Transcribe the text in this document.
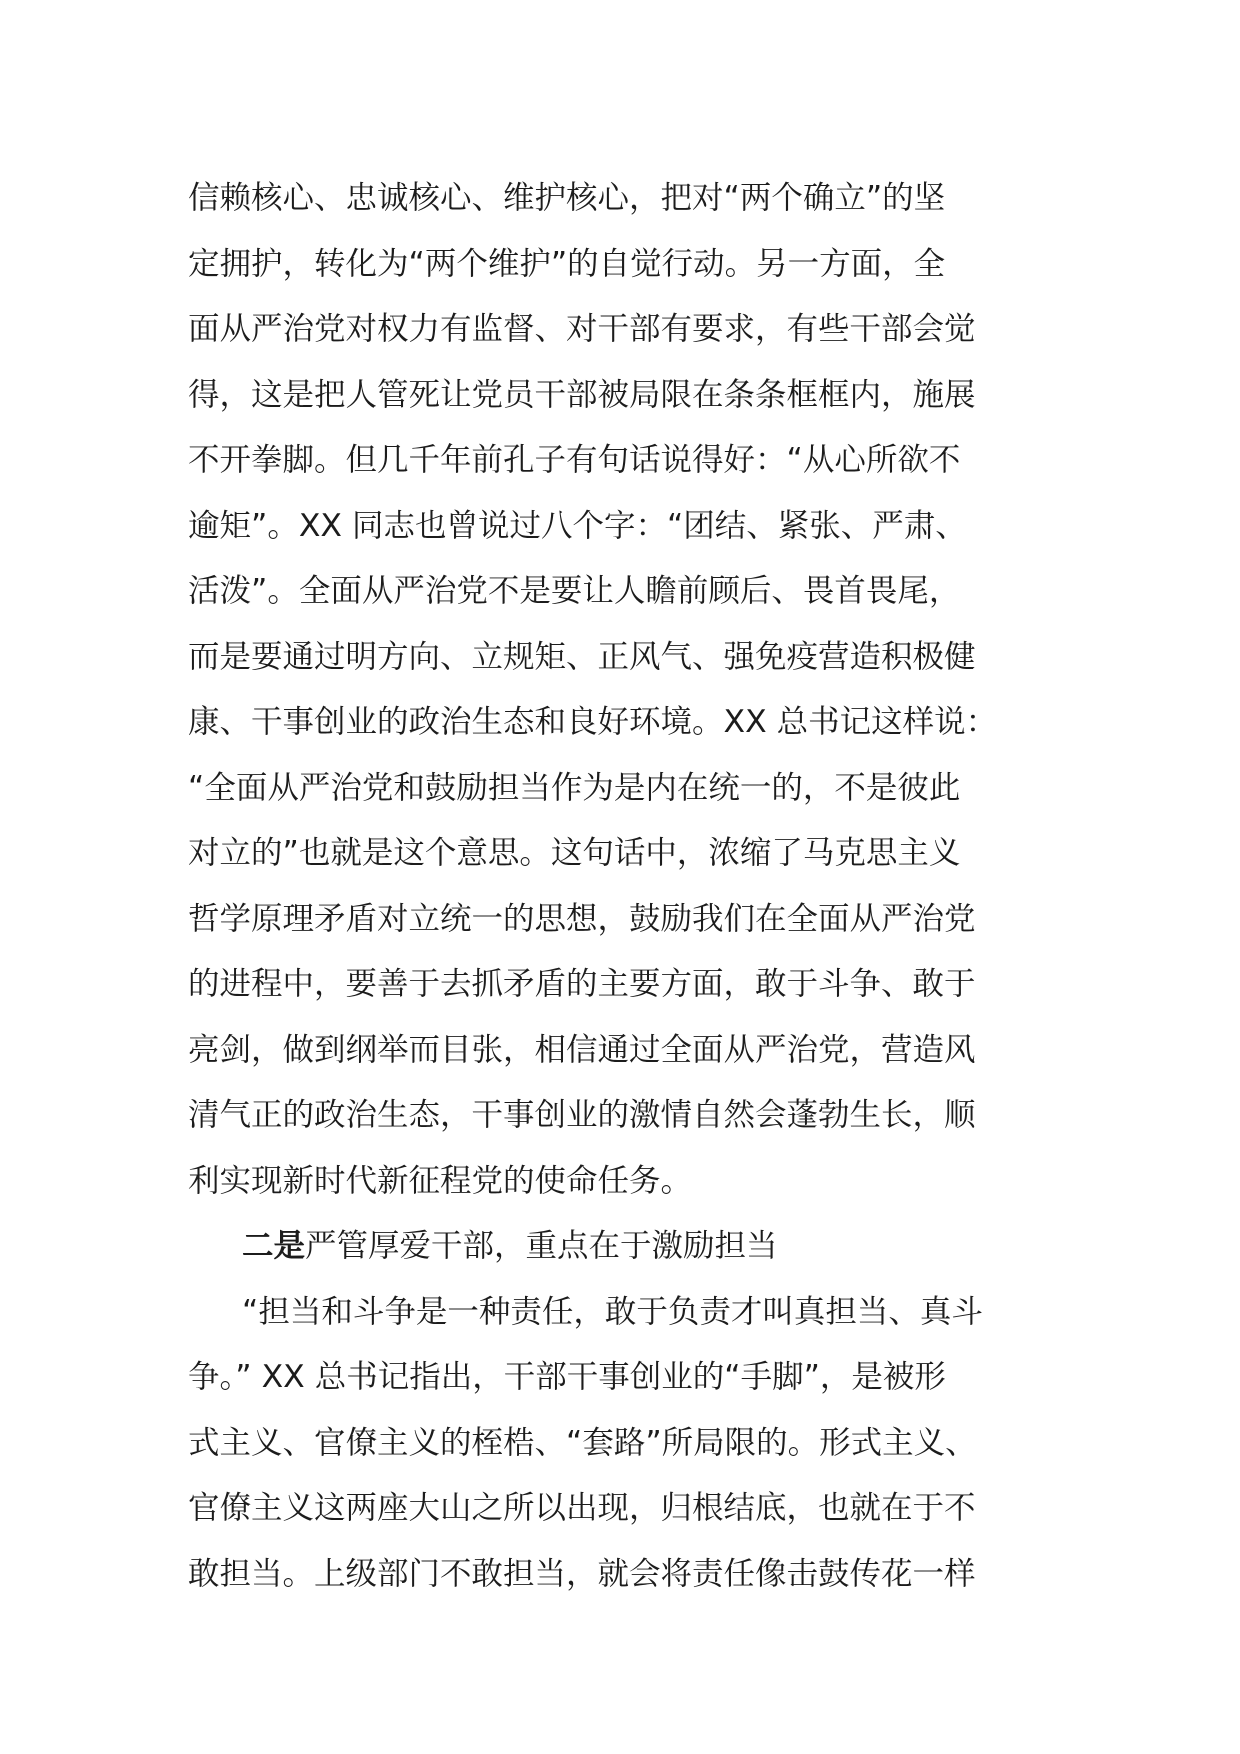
信赖核心、忠诚核心、维护核心，把对“两个确立”的坚
定拥护，转化为“两个维护”的自觉行动。另一方面，全
面从严治党对权力有监督、对干部有要求，有些干部会觉
得，这是把人管死让党员干部被局限在条条框框内，施展
不开拳脚。但几千年前孔子有句话说得好：“从心所欲不
逾矩”。XX 同志也曾说过八个字：“团结、紧张、严肃、
活泼”。全面从严治党不是要让人瞻前顾后、畏首畏尾，
而是要通过明方向、立规矩、正风气、强免疫营造积极健
康、干事创业的政治生态和良好环境。XX 总书记这样说：
“全面从严治党和鼓励担当作为是内在统一的，不是彼此
对立的”也就是这个意思。这句话中，浓缩了马克思主义
哲学原理矛盾对立统一的思想，鼓励我们在全面从严治党
的进程中，要善于去抓矛盾的主要方面，敢于斗争、敢于
亮剑，做到纲举而目张，相信通过全面从严治党，营造风
清气正的政治生态，干事创业的激情自然会蓬勃生长，顺
利实现新时代新征程党的使命任务。
二是严管厚爱干部，重点在于激励担当
“担当和斗争是一种责任，敢于负责才叫真担当、真斗
争。” XX 总书记指出，干部干事创业的“手脚”，是被形
式主义、官僚主义的桎梏、“套路”所局限的。形式主义、
官僚主义这两座大山之所以出现，归根结底，也就在于不
敢担当。上级部门不敢担当，就会将责任像击鼓传花一样
